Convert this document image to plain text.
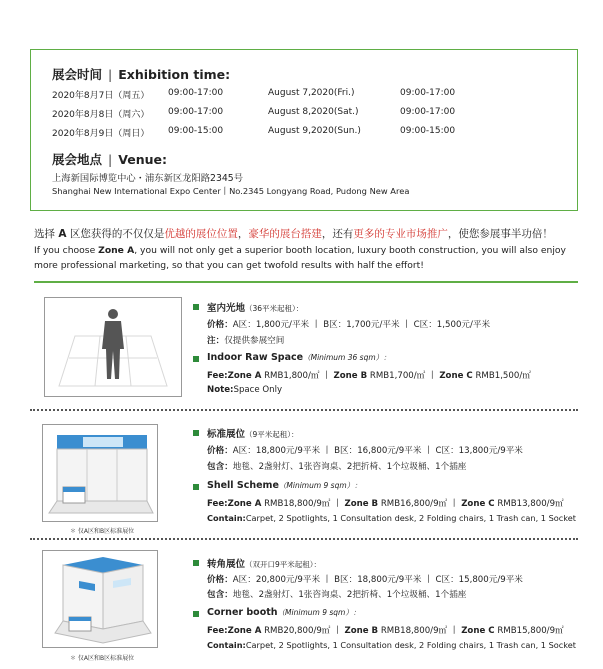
展会时间 | Exhibition time:
2020年8月7日（周五） 09:00-17:00	August 7,2020(Fri.)	09:00-17:00
2020年8月8日（周六） 09:00-17:00	August 8,2020(Sat.)	09:00-17:00
2020年8月9日（周日） 09:00-15:00	August 9,2020(Sun.)	09:00-15:00
展会地点 | Venue:
上海新国际博览中心・浦东新区龙阳路2345号
Shanghai New International Expo Center丨No.2345 Longyang Road, Pudong New Area
选择 A 区您获得的不仅仅是优越的展位位置，豪华的展台搭建，还有更多的专业市场推广，使您参展事半功倍！
If you choose Zone A, you will not only get a superior booth location, luxury booth construction, you will also enjoy more professional marketing, so that you can get twofold results with half the effort!
室内光地（36平米起租）：
价格：A区：1,800元/平米 丨 B区：1,700元/平米 丨 C区：1,500元/平米
注：仅提供参展空间
Indoor Raw Space（Minimum 36 sqm）：
Fee:Zone A RMB1,800/㎡ 丨 Zone B RMB1,700/㎡ 丨 Zone C RMB1,500/㎡
Note:Space Only
＊ 仅A区和B区标准展位
标准展位（9平米起租）：
价格：A区：18,800元/9平米 丨 B区：16,800元/9平米 丨 C区：13,800元/9平米
包含：地毯、2盏射灯、1张咨询桌、2把折椅、1个垃圾桶、1个插座
Shell Scheme（Minimum 9 sqm）：
Fee:Zone A RMB18,800/9㎡ 丨 Zone B RMB16,800/9㎡ 丨 Zone C RMB13,800/9㎡
Contain:Carpet, 2 Spotlights, 1 Consultation desk, 2 Folding chairs, 1 Trash can, 1 Socket
＊ 仅A区和B区标准展位
转角展位（双开口9平米起租）：
价格：A区：20,800元/9平米 丨 B区：18,800元/9平米 丨 C区：15,800元/9平米
包含：地毯、2盏射灯、1张咨询桌、2把折椅、1个垃圾桶、1个插座
Corner booth（Minimum 9 sqm）：
Fee:Zone A RMB20,800/9㎡ 丨 Zone B RMB18,800/9㎡ 丨 Zone C RMB15,800/9㎡
Contain:Carpet, 2 Spotlights, 1 Consultation desk, 2 Folding chairs, 1 Trash can, 1 Socket
